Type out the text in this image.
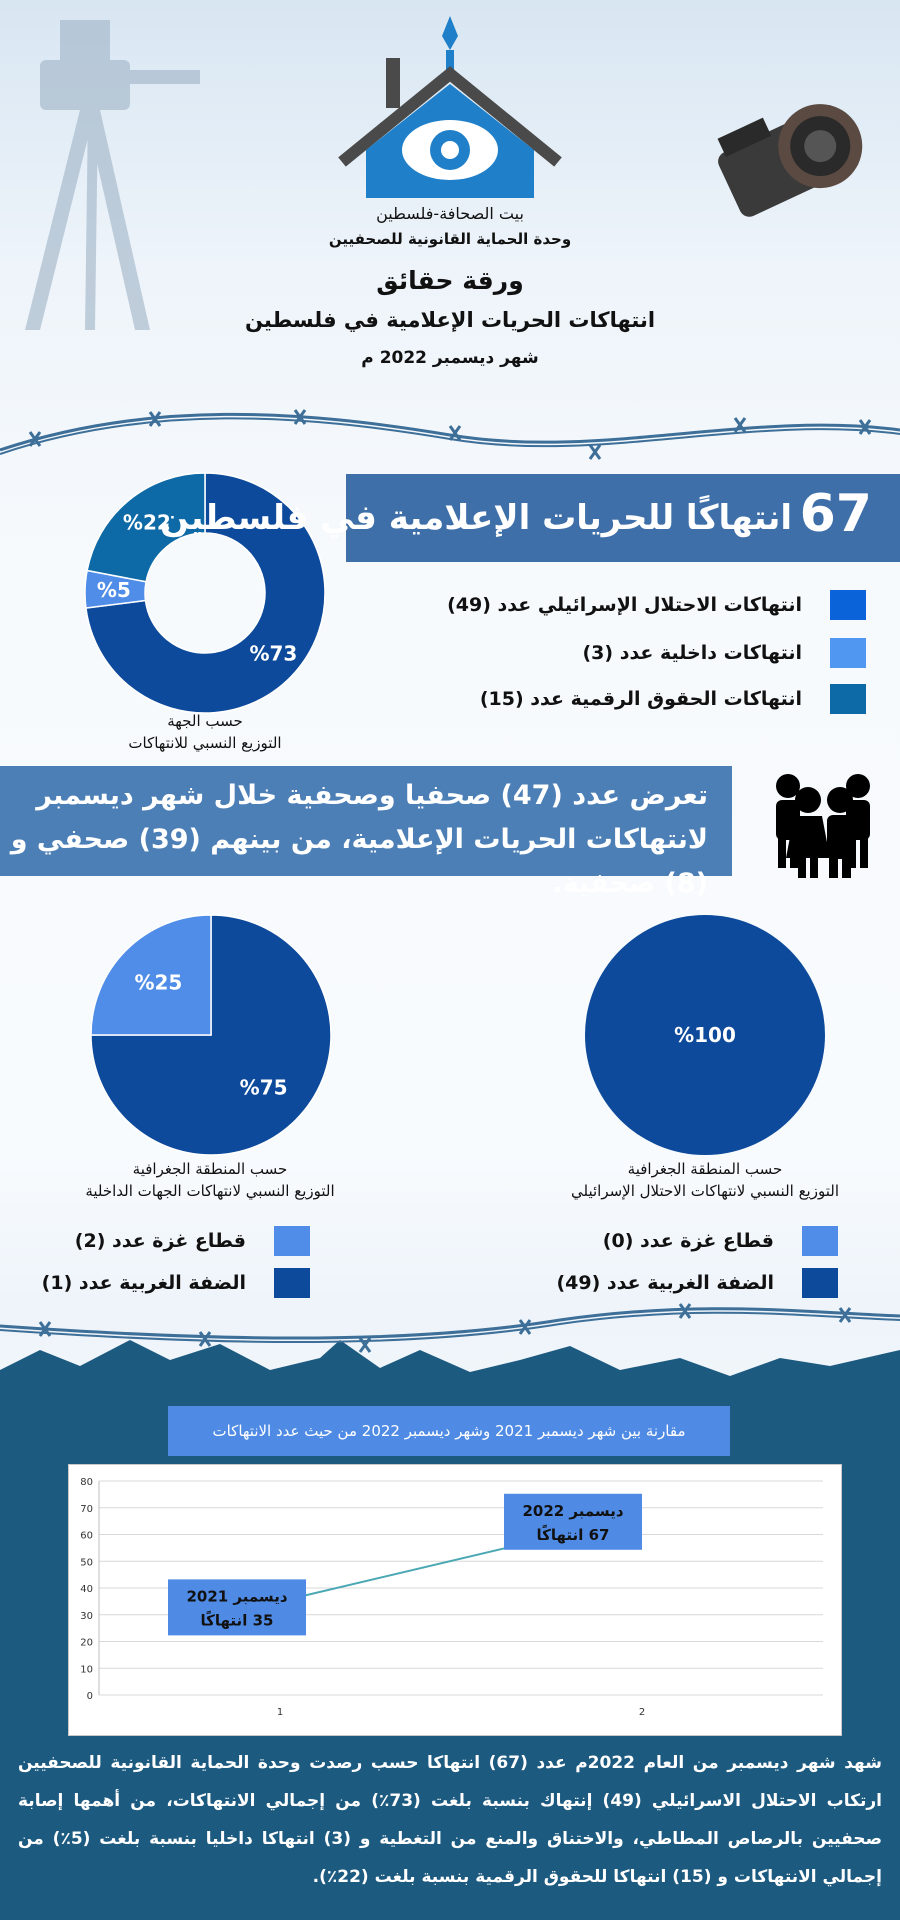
بيت الصحافة-فلسطين
وحدة الحماية القانونية للصحفيين
ورقة حقائق
انتهاكات الحريات الإعلامية في فلسطين
شهر ديسمبر 2022 م
%73
%5
%22
حسب الجهة
التوزيع النسبي للانتهاكات
67
انتهاكًا للحريات الإعلامية في فلسطين
انتهاكات الاحتلال الإسرائيلي عدد (49)
انتهاكات داخلية عدد (3)
انتهاكات الحقوق الرقمية عدد (15)
تعرض عدد (47) صحفيا وصحفية خلال شهر ديسمبر لانتهاكات الحريات الإعلامية، من بينهم (39) صحفي و (8) صحفية.
%75
%25
حسب المنطقة الجغرافية
التوزيع النسبي لانتهاكات الجهات الداخلية
%100
حسب المنطقة الجغرافية
التوزيع النسبي لانتهاكات الاحتلال الإسرائيلي
قطاع غزة عدد (2)
الضفة الغربية عدد (1)
قطاع غزة عدد (0)
الضفة الغربية عدد (49)
مقارنة بين شهر ديسمبر 2021 وشهر ديسمبر 2022 من حيث عدد الانتهاكات
0
10
20
30
40
50
60
70
80
1	2
ديسمبر 2021
35 انتهاكًا
ديسمبر 2022
67 انتهاكًا
شهد شهر ديسمبر من العام 2022م عدد (67) انتهاكا حسب رصدت وحدة الحماية القانونية للصحفيين ارتكاب الاحتلال الاسرائيلي (49) إنتهاك بنسبة بلغت (73٪) من إجمالي الانتهاكات، من أهمها إصابة صحفيين بالرصاص المطاطي، والاختناق والمنع من التغطية و (3) انتهاكا داخليا بنسبة بلغت (5٪) من إجمالي الانتهاكات و (15) انتهاكا للحقوق الرقمية بنسبة بلغت (22٪).
